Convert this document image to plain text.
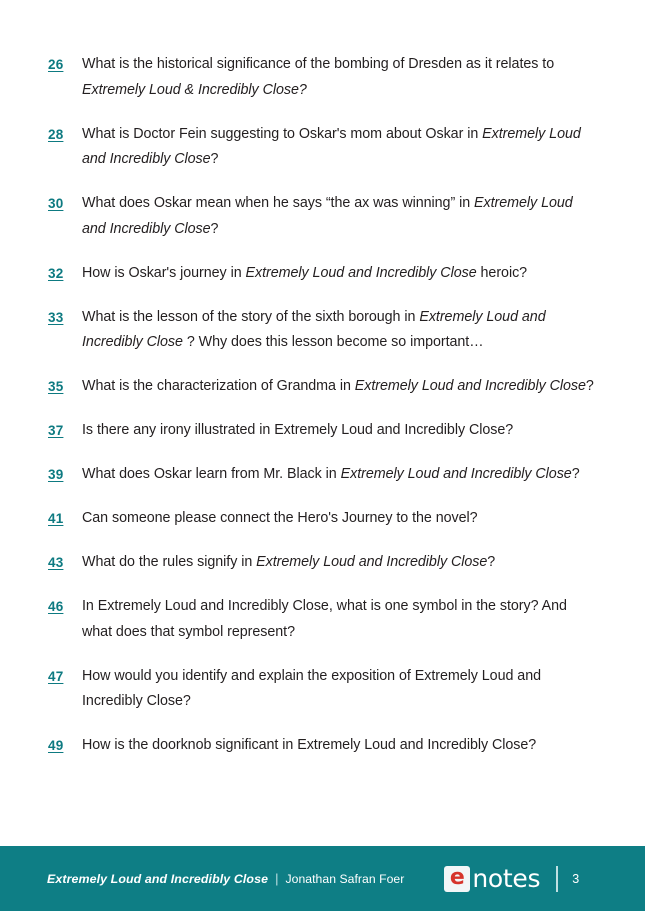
26	What is the historical significance of the bombing of Dresden as it relates to Extremely Loud & Incredibly Close?
28	What is Doctor Fein suggesting to Oskar's mom about Oskar in Extremely Loud and Incredibly Close?
30	What does Oskar mean when he says “the ax was winning” in Extremely Loud and Incredibly Close?
32	How is Oskar's journey in Extremely Loud and Incredibly Close heroic?
33	What is the lesson of the story of the sixth borough in Extremely Loud and Incredibly Close ? Why does this lesson become so important…
35	What is the characterization of Grandma in Extremely Loud and Incredibly Close?
37	Is there any irony illustrated in Extremely Loud and Incredibly Close?
39	What does Oskar learn from Mr. Black in Extremely Loud and Incredibly Close?
41	Can someone please connect the Hero's Journey to the novel?
43	What do the rules signify in Extremely Loud and Incredibly Close?
46	In Extremely Loud and Incredibly Close, what is one symbol in the story? And what does that symbol represent?
47	How would you identify and explain the exposition of Extremely Loud and Incredibly Close?
49	How is the doorknob significant in Extremely Loud and Incredibly Close?
Extremely Loud and Incredibly Close | Jonathan Safran Foer e notes	3
